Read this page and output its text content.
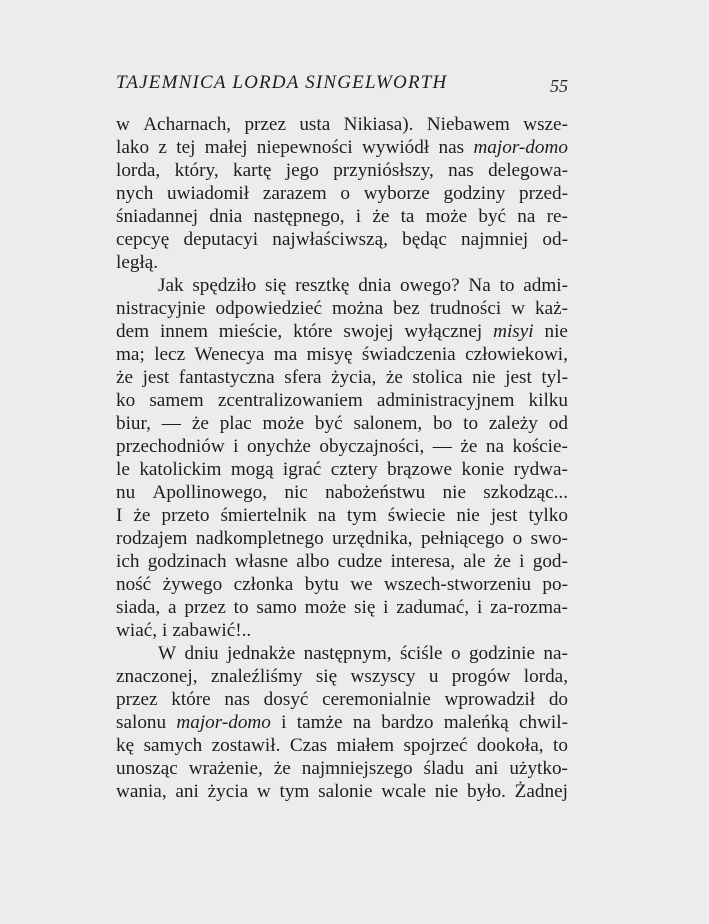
TAJEMNICA LORDA SINGELWORTH	55
w Acharnach, przez usta Nikiasa). Niebawem wsze-
lako z tej małej niepewności wywiódł nas major-domo
lorda, który, kartę jego przyniósłszy, nas delegowa-
nych uwiadomił zarazem o wyborze godziny przed-
śniadannej dnia następnego, i że ta może być na re-
cepcyę deputacyi najwłaściwszą, będąc najmniej od-
ległą.
Jak spędziło się resztkę dnia owego? Na to admi-
nistracyjnie odpowiedzieć można bez trudności w każ-
dem innem mieście, które swojej wyłącznej misyi nie
ma; lecz Wenecya ma misyę świadczenia człowiekowi,
że jest fantastyczna sfera życia, że stolica nie jest tyl-
ko samem zcentralizowaniem administracyjnem kilku
biur, — że plac może być salonem, bo to zależy od
przechodniów i onychże obyczajności, — że na koście-
le katolickim mogą igrać cztery brązowe konie rydwa-
nu Apollinowego, nic nabożeństwu nie szkodząc...
I że przeto śmiertelnik na tym świecie nie jest tylko
rodzajem nadkompletnego urzędnika, pełniącego o swo-
ich godzinach własne albo cudze interesa, ale że i god-
ność żywego członka bytu we wszech-stworzeniu po-
siada, a przez to samo może się i zadumać, i za-rozma-
wiać, i zabawić!..
W dniu jednakże następnym, ściśle o godzinie na-
znaczonej, znaleźliśmy się wszyscy u progów lorda,
przez które nas dosyć ceremonialnie wprowadził do
salonu major-domo i tamże na bardzo maleńką chwil-
kę samych zostawił. Czas miałem spojrzeć dookoła, to
unosząc wrażenie, że najmniejszego śladu ani użytko-
wania, ani życia w tym salonie wcale nie było. Żadnej
